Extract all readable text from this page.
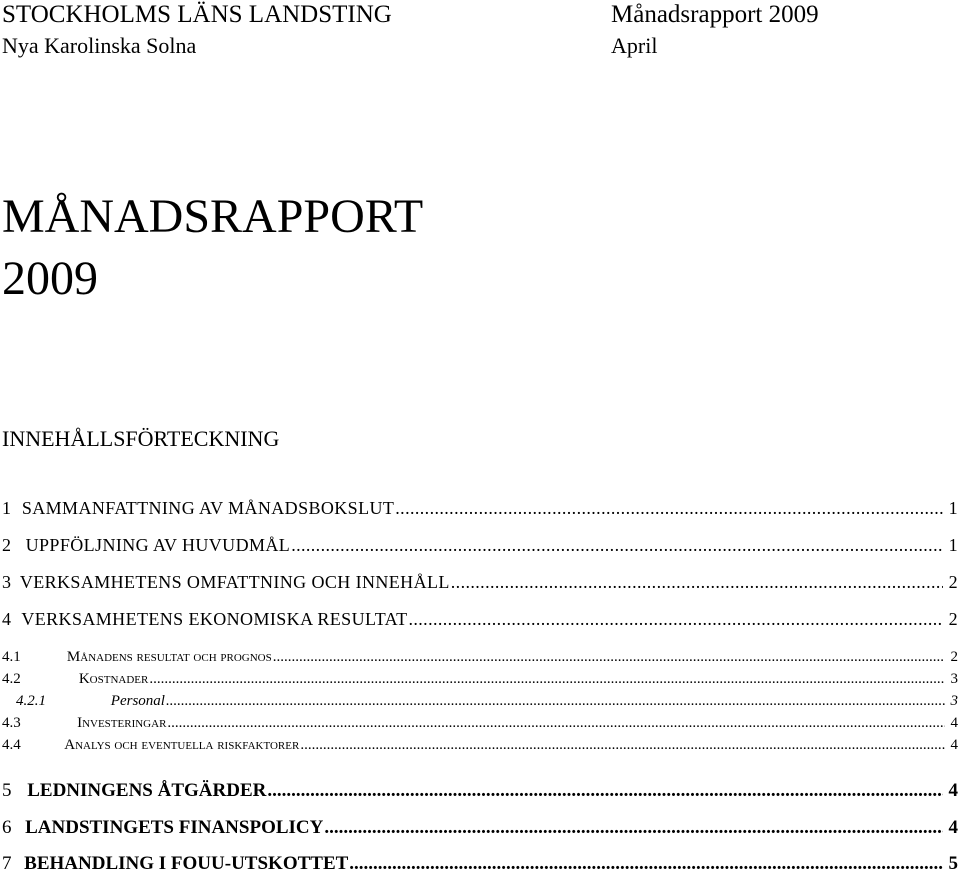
STOCKHOLMS LÄNS LANDSTING
Nya Karolinska Solna
Månadsrapport 2009
April
MÅNADSRAPPORT
2009
INNEHÅLLSFÖRTECKNING
1 SAMMANFATTNING AV MÅNADSBOKSLUT .....	1
2 UPPFÖLJNING AV HUVUDMÅL .....	1
3 VERKSAMHETENS OMFATTNING OCH INNEHÅLL .....	2
4 VERKSAMHETENS EKONOMISKA RESULTAT .....	2
4.1	Månadens resultat och prognos .....	2
4.2	Kostnader .....	3
4.2.1	Personal .....	3
4.3	Investeringar .....	4
4.4	Analys och eventuella riskfaktorer .....	4
5 LEDNINGENS ÅTGÄRDER .....	4
6 LANDSTINGETS FINANSPOLICY .....	4
7 BEHANDLING I FOUU-UTSKOTTET .....	5
